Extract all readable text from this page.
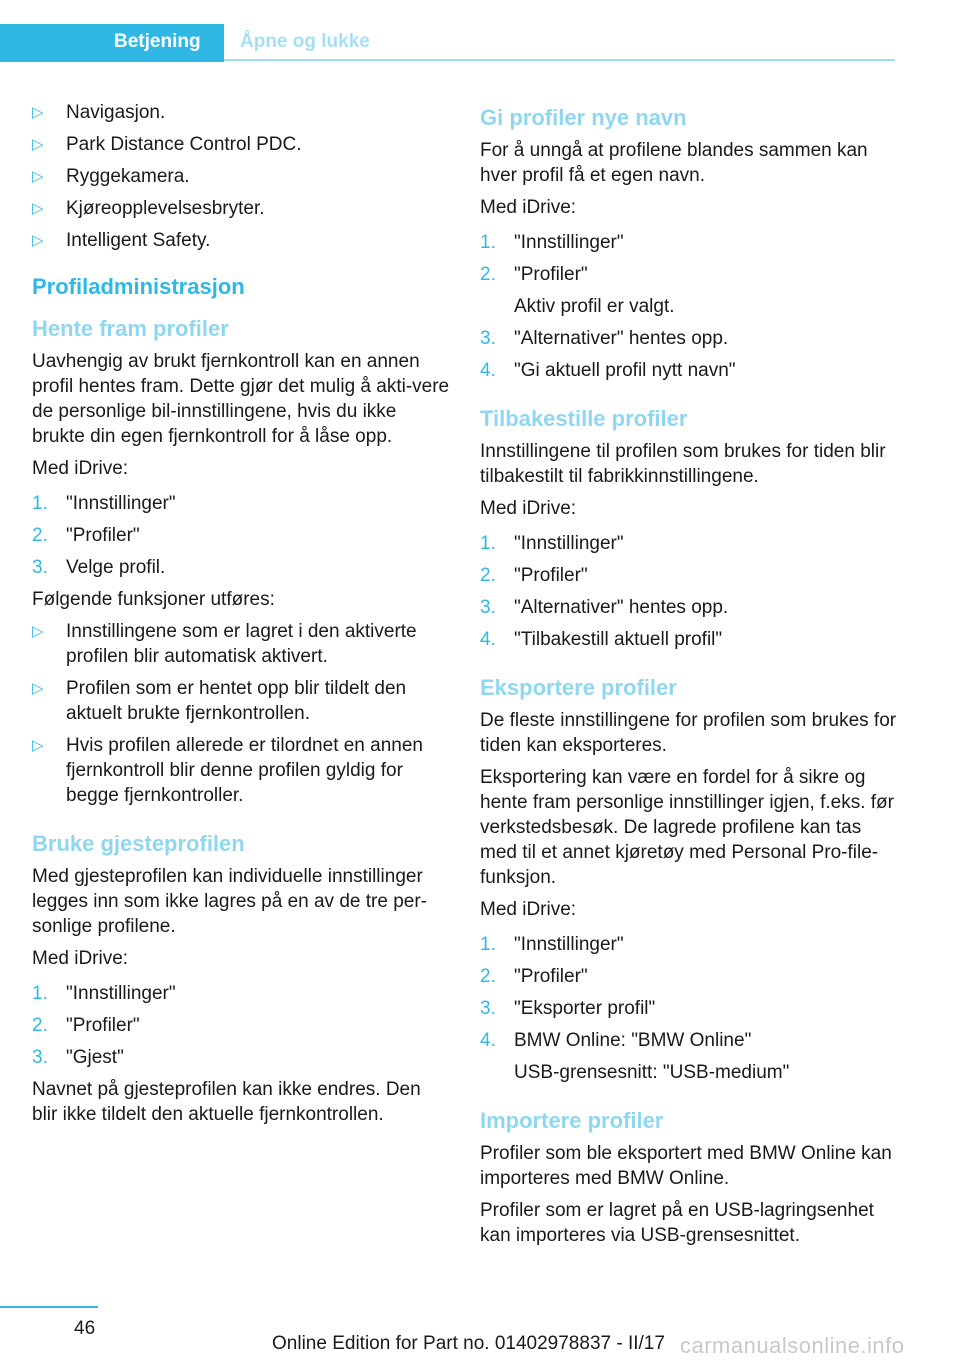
Betjening Åpne og lukke
▷ Navigasjon.
▷ Park Distance Control PDC.
▷ Ryggekamera.
▷ Kjøreopplevelsesbryter.
▷ Intelligent Safety.
Profiladministrasjon
Hente fram profiler

Uavhengig av brukt fjernkontroll kan en annen profil hentes fram. Dette gjør det mulig å akti-vere de personlige bil-innstillingene, hvis du ikke brukte din egen fjernkontroll for å låse opp.

Med iDrive:

1. "Innstillinger"
2. "Profiler"
3. Velge profil.

Følgende funksjoner utføres:

▷ Innstillingene som er lagret i den aktiverte profilen blir automatisk aktivert.
▷ Profilen som er hentet opp blir tildelt den aktuelt brukte fjernkontrollen.
▷ Hvis profilen allerede er tilordnet en annen fjernkontroll blir denne profilen gyldig for begge fjernkontroller.
Bruke gjesteprofilen

Med gjesteprofilen kan individuelle innstillinger legges inn som ikke lagres på en av de tre per-sonlige profilene.

Med iDrive:

1. "Innstillinger"
2. "Profiler"
3. "Gjest"

Navnet på gjesteprofilen kan ikke endres. Den blir ikke tildelt den aktuelle fjernkontrollen.

Gi profiler nye navn

For å unngå at profilene blandes sammen kan hver profil få et egen navn.

Med iDrive:

1. "Innstillinger"
2. "Profiler"
Aktiv profil er valgt.
3. "Alternativer" hentes opp.
4. "Gi aktuell profil nytt navn"
Tilbakestille profiler

Innstillingene til profilen som brukes for tiden blir tilbakestilt til fabrikkinnstillingene.

Med iDrive:

1. "Innstillinger"
2. "Profiler"
3. "Alternativer" hentes opp.
4. "Tilbakestill aktuell profil"
Eksportere profiler

De fleste innstillingene for profilen som brukes for tiden kan eksporteres.

Eksportering kan være en fordel for å sikre og hente fram personlige innstillinger igjen, f.eks. før verkstedsbesøk. De lagrede profilene kan tas med til et annet kjøretøy med Personal Pro-file-funksjon.

Med iDrive:

1. "Innstillinger"
2. "Profiler"
3. "Eksporter profil"
4. BMW Online: "BMW Online"
USB-grensesnitt: "USB-medium"
Importere profiler

Profiler som ble eksportert med BMW Online kan importeres med BMW Online.

Profiler som er lagret på en USB-lagringsenhet kan importeres via USB-grensesnittet.

46
Online Edition for Part no. 01402978837 - II/17 carmanualsonline.info
